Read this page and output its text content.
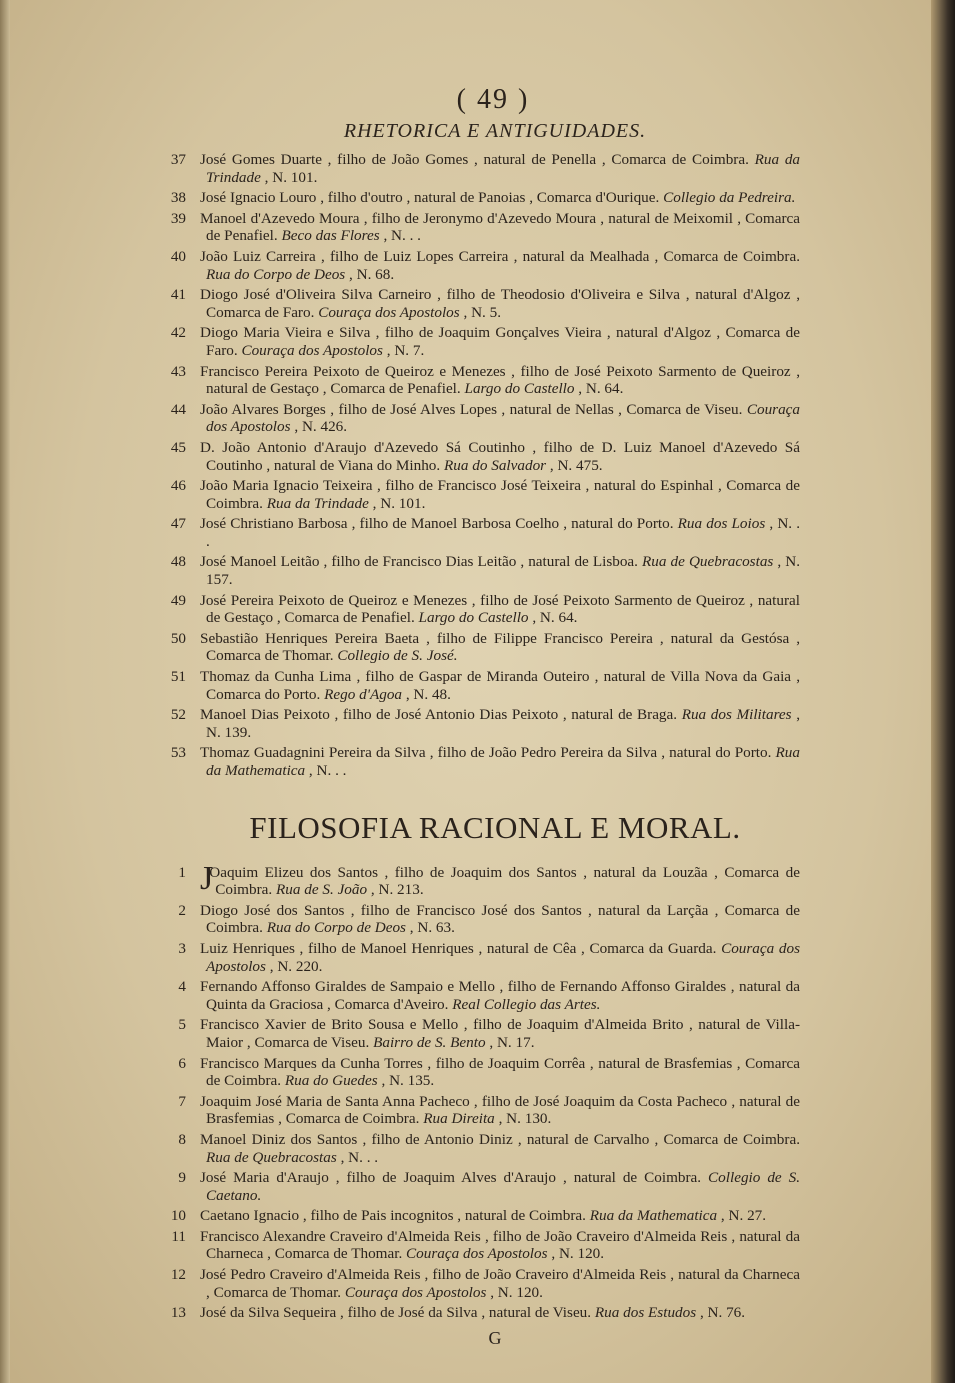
( 49 )
RHETORICA E ANTIGUIDADES.
37 José Gomes Duarte , filho de João Gomes , natural de Penella , Comarca de Coimbra. Rua da Trindade , N. 101.
38 José Ignacio Louro , filho d'outro , natural de Panoias , Comarca d'Ourique. Collegio da Pedreira.
39 Manoel d'Azevedo Moura , filho de Jeronymo d'Azevedo Moura , natural de Meixomil , Comarca de Penafiel. Beco das Flores , N. . .
40 João Luiz Carreira , filho de Luiz Lopes Carreira , natural da Mealhada , Comarca de Coimbra. Rua do Corpo de Deos , N. 68.
41 Diogo José d'Oliveira Silva Carneiro , filho de Theodosio d'Oliveira e Silva , natural d'Algoz , Comarca de Faro. Couraça dos Apostolos , N. 5.
42 Diogo Maria Vieira e Silva , filho de Joaquim Gonçalves Vieira , natural d'Algoz , Comarca de Faro. Couraça dos Apostolos , N. 7.
43 Francisco Pereira Peixoto de Queiroz e Menezes , filho de José Peixoto Sarmento de Queiroz , natural de Gestaço , Comarca de Penafiel. Largo do Castello , N. 64.
44 João Alvares Borges , filho de José Alves Lopes , natural de Nellas , Comarca de Viseu. Couraça dos Apostolos , N. 426.
45 D. João Antonio d'Araujo d'Azevedo Sá Coutinho , filho de D. Luiz Manoel d'Azevedo Sá Coutinho , natural de Viana do Minho. Rua do Salvador , N. 475.
46 João Maria Ignacio Teixeira , filho de Francisco José Teixeira , natural do Espinhal , Comarca de Coimbra. Rua da Trindade , N. 101.
47 José Christiano Barbosa , filho de Manoel Barbosa Coelho , natural do Porto. Rua dos Loios , N. . .
48 José Manoel Leitão , filho de Francisco Dias Leitão , natural de Lisboa. Rua de Quebracostas , N. 157.
49 José Pereira Peixoto de Queiroz e Menezes , filho de José Peixoto Sarmento de Queiroz , natural de Gestaço , Comarca de Penafiel. Largo do Castello , N. 64.
50 Sebastião Henriques Pereira Baeta , filho de Filippe Francisco Pereira , natural da Gestósa , Comarca de Thomar. Collegio de S. José.
51 Thomaz da Cunha Lima , filho de Gaspar de Miranda Outeiro , natural de Villa Nova da Gaia , Comarca do Porto. Rego d'Agoa , N. 48.
52 Manoel Dias Peixoto , filho de José Antonio Dias Peixoto , natural de Braga. Rua dos Militares , N. 139.
53 Thomaz Guadagnini Pereira da Silva , filho de João Pedro Pereira da Silva , natural do Porto. Rua da Mathematica , N. . .
FILOSOFIA RACIONAL E MORAL.
1 J
Oaquim Elizeu dos Santos , filho de Joaquim dos Santos , natural da Louzãa , Comarca de Coimbra. Rua de S. João , N. 213.
2 Diogo José dos Santos , filho de Francisco José dos Santos , natural da Larçãa , Comarca de Coimbra. Rua do Corpo de Deos , N. 63.
3 Luiz Henriques , filho de Manoel Henriques , natural de Cêa , Comarca da Guarda. Couraça dos Apostolos , N. 220.
4 Fernando Affonso Giraldes de Sampaio e Mello , filho de Fernando Affonso Giraldes , natural da Quinta da Graciosa , Comarca d'Aveiro. Real Collegio das Artes.
5 Francisco Xavier de Brito Sousa e Mello , filho de Joaquim d'Almeida Brito , natural de Villa-Maior , Comarca de Viseu. Bairro de S. Bento , N. 17.
6 Francisco Marques da Cunha Torres , filho de Joaquim Corrêa , natural de Brasfemias , Comarca de Coimbra. Rua do Guedes , N. 135.
7 Joaquim José Maria de Santa Anna Pacheco , filho de José Joaquim da Costa Pacheco , natural de Brasfemias , Comarca de Coimbra. Rua Direita , N. 130.
8 Manoel Diniz dos Santos , filho de Antonio Diniz , natural de Carvalho , Comarca de Coimbra. Rua de Quebracostas , N. . .
9 José Maria d'Araujo , filho de Joaquim Alves d'Araujo , natural de Coimbra. Collegio de S. Caetano.
10 Caetano Ignacio , filho de Pais incognitos , natural de Coimbra. Rua da Mathematica , N. 27.
11 Francisco Alexandre Craveiro d'Almeida Reis , filho de João Craveiro d'Almeida Reis , natural da Charneca , Comarca de Thomar. Couraça dos Apostolos , N. 120.
12 José Pedro Craveiro d'Almeida Reis , filho de João Craveiro d'Almeida Reis , natural da Charneca , Comarca de Thomar. Couraça dos Apostolos , N. 120.
13 José da Silva Sequeira , filho de José da Silva , natural de Viseu. Rua dos Estudos , N. 76.
G
